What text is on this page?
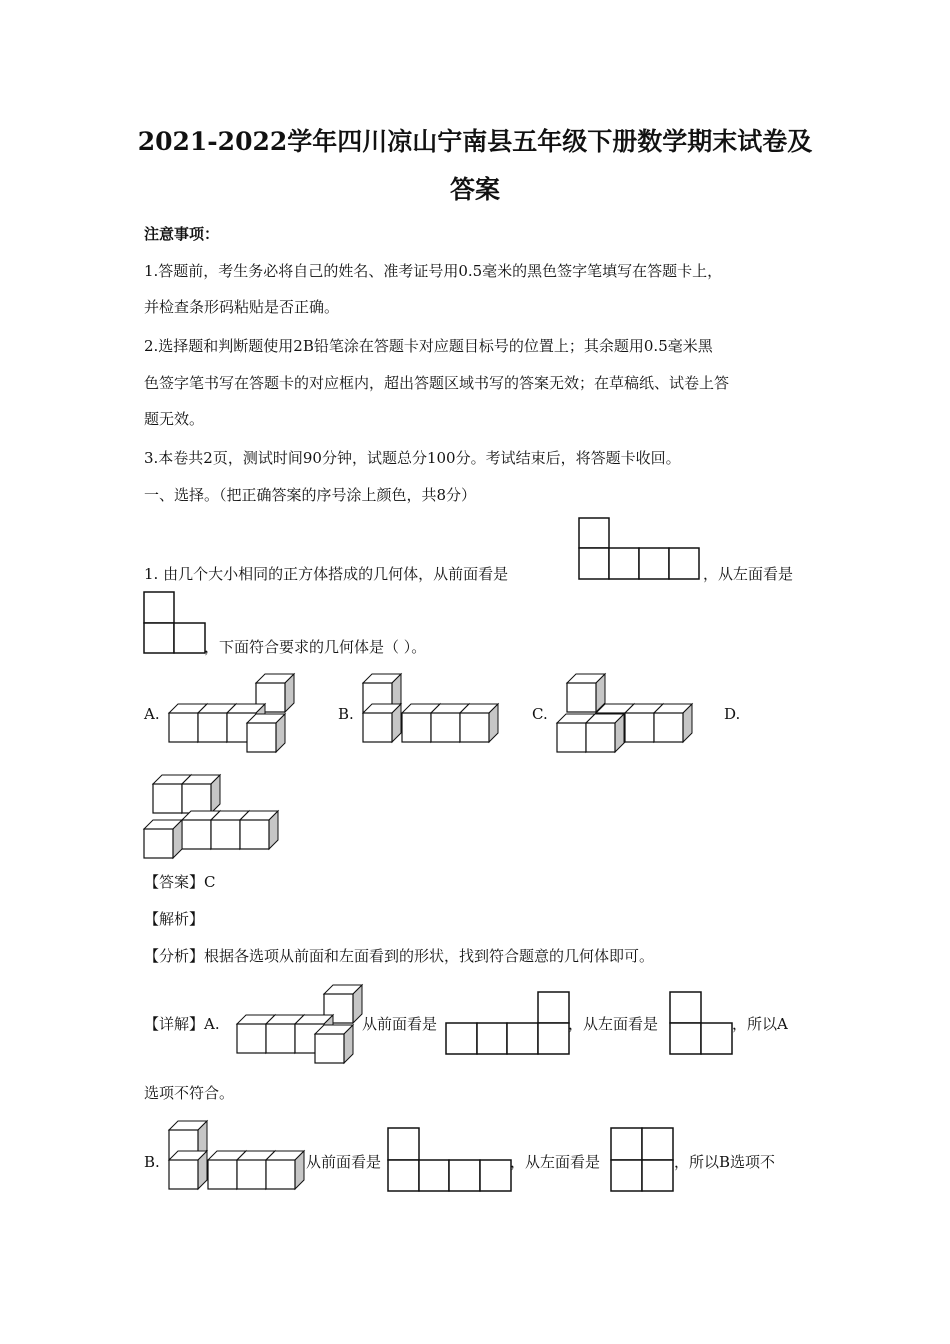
2021-2022学年四川凉山宁南县五年级下册数学期末试卷及
答案
注意事项：
1.答题前，考生务必将自己的姓名、准考证号用0.5毫米的黑色签字笔填写在答题卡上，
并检查条形码粘贴是否正确。
2.选择题和判断题使用2B铅笔涂在答题卡对应题目标号的位置上；其余题用0.5毫米黑
色签字笔书写在答题卡的对应框内，超出答题区域书写的答案无效；在草稿纸、试卷上答
题无效。
3.本卷共2页，测试时间90分钟，试题总分100分。考试结束后，将答题卡收回。
一、选择。（把正确答案的序号涂上颜色，共8分）
1. 由几个大小相同的正方体搭成的几何体，从前面看是	，从左面看是
，下面符合要求的几何体是（ ）。
A.	B.	C.	D.
【答案】C
【解析】
【分析】根据各选项从前面和左面看到的形状，找到符合题意的几何体即可。
【详解】A.	从前面看是	，从左面看是	，所以A
选项不符合。
B.	从前面看是	，从左面看是	，所以B选项不
